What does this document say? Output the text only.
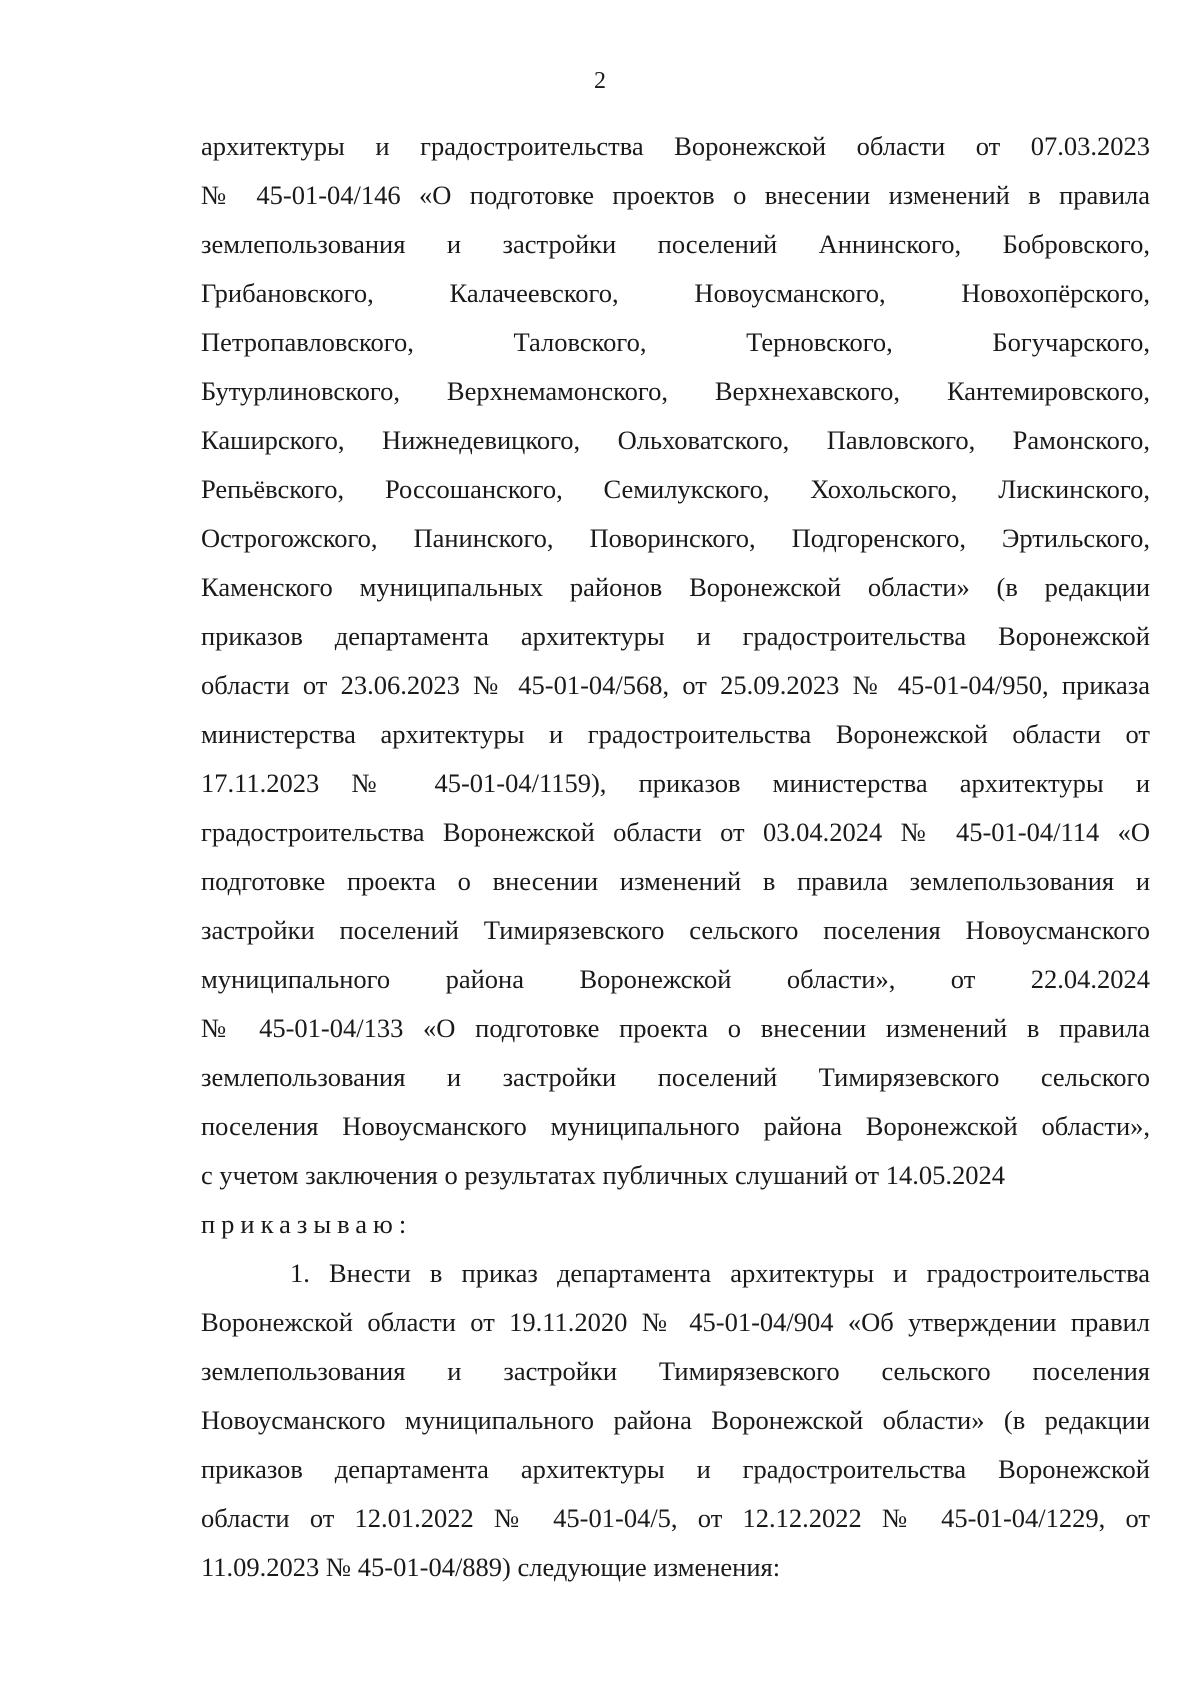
2
архитектуры и градостроительства Воронежской области от 07.03.2023
№ 45-01-04/146 «О подготовке проектов о внесении изменений в правила
землепользования и застройки поселений Аннинского, Бобровского,
Грибановского, Калачеевского, Новоусманского, Новохопёрского,
Петропавловского, Таловского, Терновского, Богучарского,
Бутурлиновского, Верхнемамонского, Верхнехавского, Кантемировского,
Каширского, Нижнедевицкого, Ольховатского, Павловского, Рамонского,
Репьёвского, Россошанского, Семилукского, Хохольского, Лискинского,
Острогожского, Панинского, Поворинского, Подгоренского, Эртильского,
Каменского муниципальных районов Воронежской области» (в редакции
приказов департамента архитектуры и градостроительства Воронежской
области от 23.06.2023 № 45-01-04/568, от 25.09.2023 № 45-01-04/950, приказа
министерства архитектуры и градостроительства Воронежской области от
17.11.2023 № 45-01-04/1159), приказов министерства архитектуры и
градостроительства Воронежской области от 03.04.2024 № 45-01-04/114 «О
подготовке проекта о внесении изменений в правила землепользования и
застройки поселений Тимирязевского сельского поселения Новоусманского
муниципального района Воронежской области», от 22.04.2024
№ 45-01-04/133 «О подготовке проекта о внесении изменений в правила
землепользования и застройки поселений Тимирязевского сельского
поселения Новоусманского муниципального района Воронежской области»,
с учетом заключения о результатах публичных слушаний от 14.05.2024
приказываю:
1. Внести в приказ департамента архитектуры и градостроительства
Воронежской области от 19.11.2020 № 45-01-04/904 «Об утверждении правил
землепользования и застройки Тимирязевского сельского поселения
Новоусманского муниципального района Воронежской области» (в редакции
приказов департамента архитектуры и градостроительства Воронежской
области от 12.01.2022 № 45-01-04/5, от 12.12.2022 № 45-01-04/1229, от
11.09.2023 № 45-01-04/889) следующие изменения:
